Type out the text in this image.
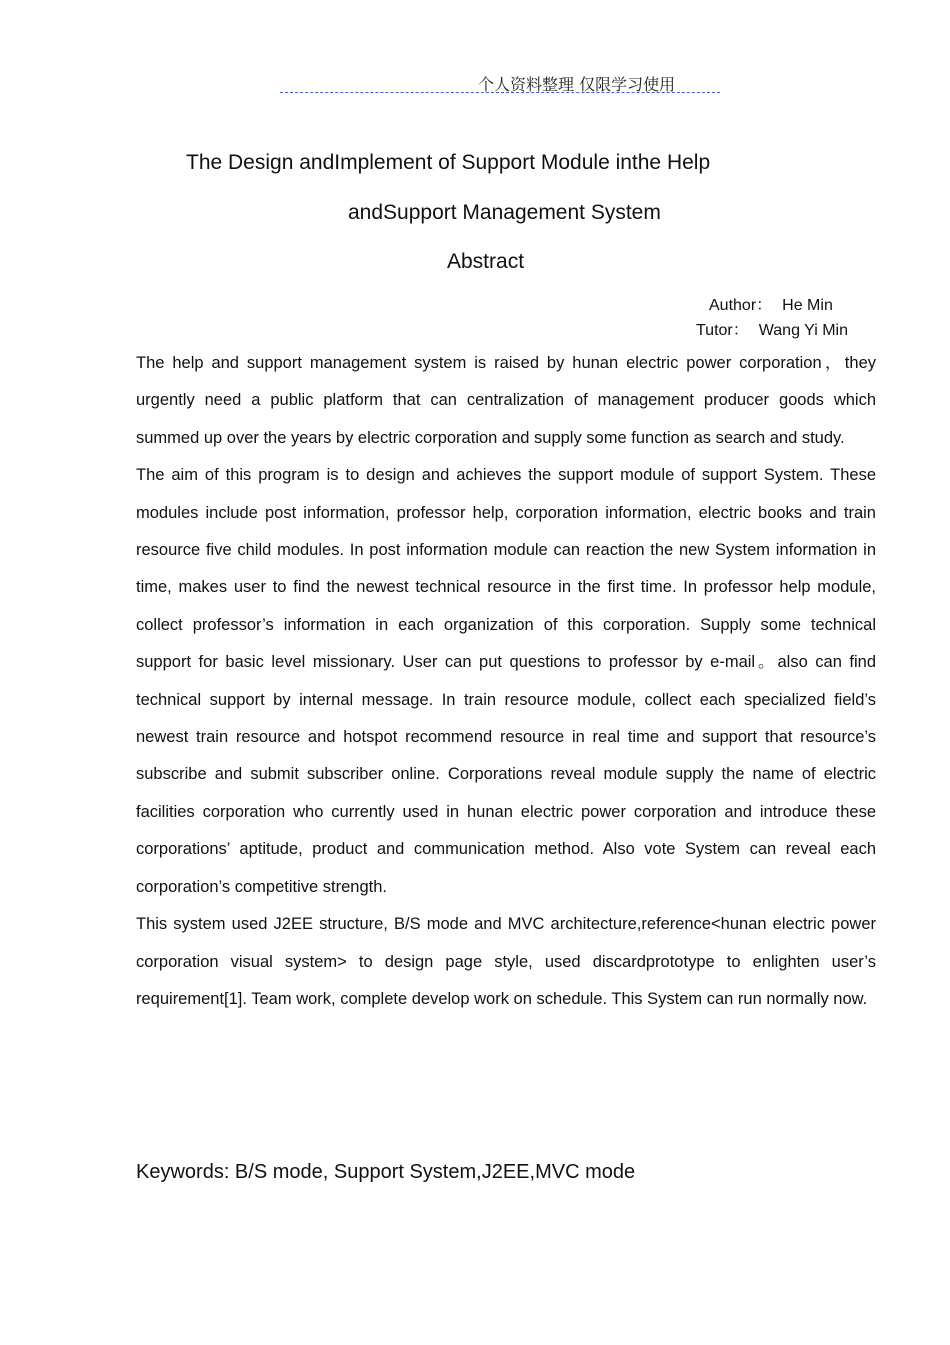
个人资料整理 仅限学习使用
The Design andImplement of Support Module inthe Help
andSupport Management System
Abstract
Author： He Min
Tutor： Wang Yi Min

The help and support management system is raised by hunan electric power corporation，they urgently need a public platform that can centralization of management producer goods which summed up over the years by electric corporation and supply some function as search and study.

The aim of this program is to design and achieves the support module of support System. These modules include post information, professor help, corporation information, electric books and train resource five child modules. In post information module can reaction the new System information in time, makes user to find the newest technical resource in the first time. In professor help module, collect professor’s information in each organization of this corporation. Supply some technical support for basic level missionary. User can put questions to professor by e-mail。also can find technical support by internal message. In train resource module, collect each specialized field’s newest train resource and hotspot recommend resource in real time and support that resource’s subscribe and submit subscriber online. Corporations reveal module supply the name of electric facilities corporation who currently used in hunan electric power corporation and introduce these corporations’ aptitude, product and communication method. Also vote System can reveal each corporation’s competitive strength.

This system used J2EE structure, B/S mode and MVC architecture,reference<hunan electric power corporation visual system> to design page style, used discardprototype to enlighten user’s requirement[1]. Team work, complete develop work on schedule. This System can run normally now.

Keywords: B/S mode, Support System,J2EE,MVC mode
